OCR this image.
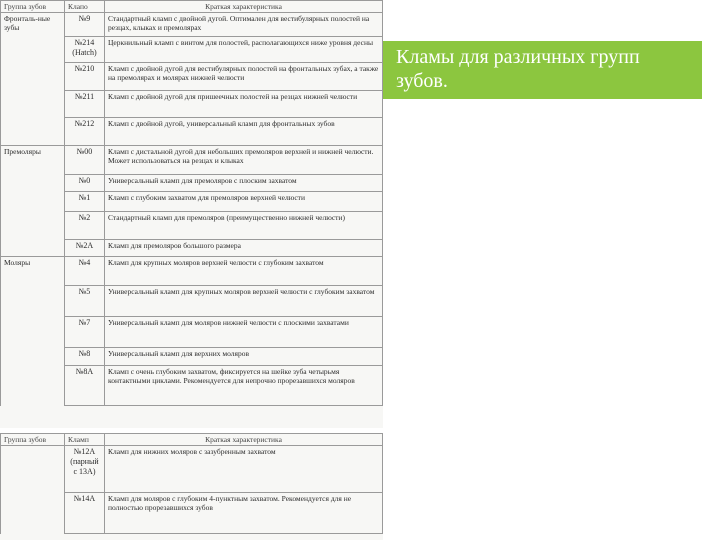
Группа зубов	Клапо	Краткая характеристика
Фронталь-ные зубы	№9	Стандартный кламп с двойной дугой. Оптимален для вестибулярных полостей на резцах, клыках и премолярах
	№214 (Hatch)	Церкнильный кламп с винтом для полостей, располагающихся ниже уровня десны
	№210	Кламп с двойной дугой для вестибулярных полостей на фронтальных зубах, а также на премолярах и молярах нижней челюсти
	№211	Кламп с двойной дугой для пришеечных полостей на резцах нижней челюсти
	№212	Кламп с двойной дугой, универсальный кламп для фронтальных зубов
Премоляры	№00	Кламп с дистальной дугой для небольших премоляров верхней и нижней челюсти. Может использоваться на резцах и клыках
	№0	Универсальный кламп для премоляров с плоским захватом
	№1	Кламп с глубоким захватом для премоляров верхней челюсти
	№2	Стандартный кламп для премоляров (преимущественно нижней челюсти)
	№2А	Кламп для премоляров большого размера
Моляры	№4	Кламп для крупных моляров верхней челюсти с глубоким захватом
	№5	Универсальный кламп для крупных моляров верхней челюсти с глубоким захватом
	№7	Универсальный кламп для моляров нижней челюсти с плоскими захватами
	№8	Универсальный кламп для верхних моляров
	№8А	Кламп с очень глубоким захватом, фиксируется на шейке зуба четырьмя контактными циклами. Рекомендуется для непрочно прорезавшихся моляров
Группа зубов	Кламп	Краткая характеристика
	№12А (парный с 13А)	Кламп для нижних моляров с зазубренным захватом
	№14А	Кламп для моляров с глубоким 4-пунктным захватом. Рекомендуется для не полностью прорезавшихся зубов
Кламы для различных групп зубов.
